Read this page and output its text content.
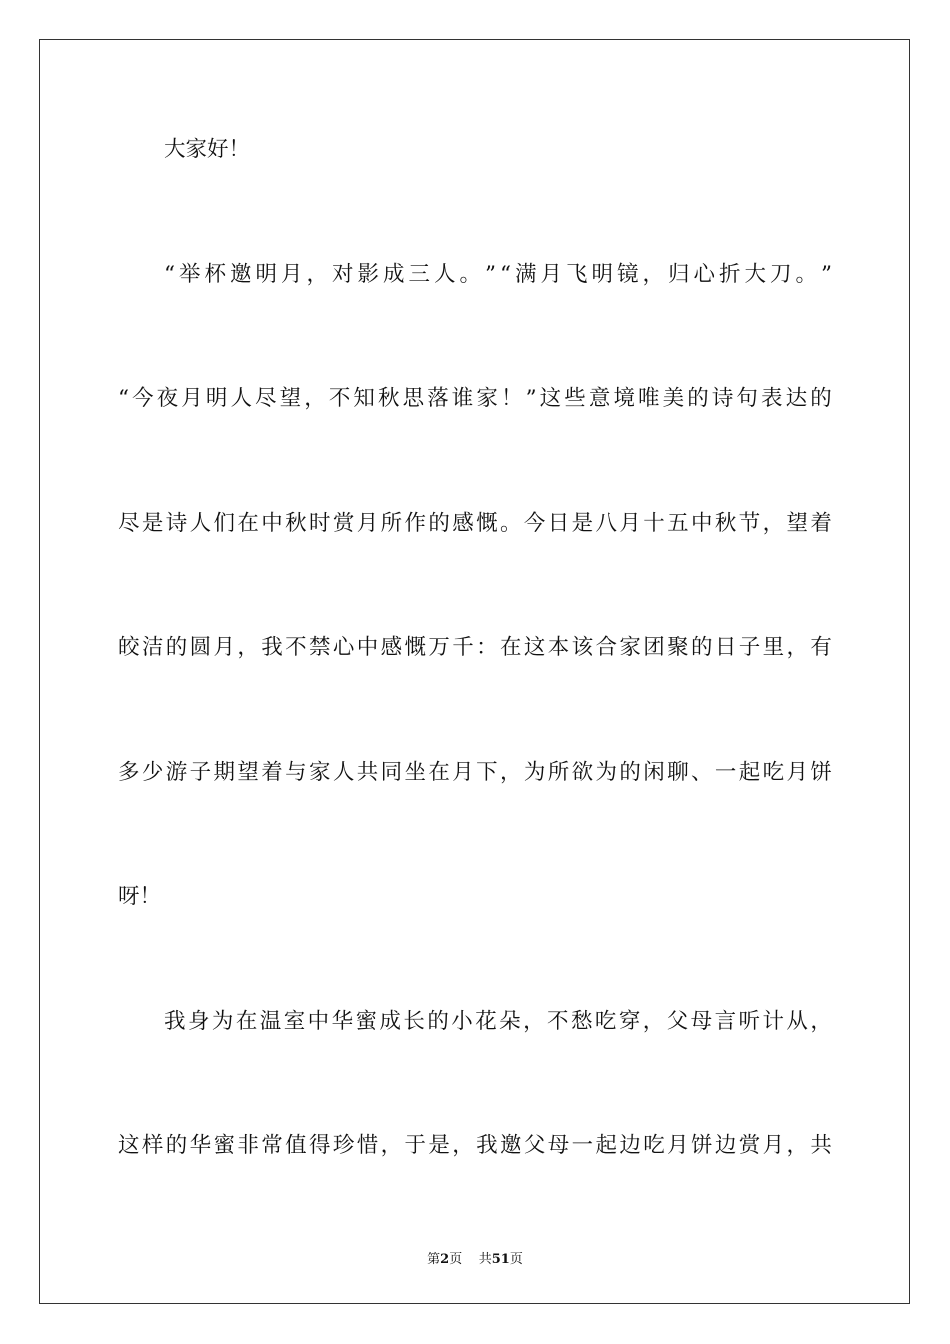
大家好！
“ 举 杯 邀 明 月 ， 对 影 成 三 人 。 ” “ 满 月 飞 明 镜 ， 归 心 折 大 刀 。 ”
“ 今 夜 月 明 人 尽 望 ， 不 知 秋 思 落 谁 家 ！ ” 这 些 意 境 唯 美 的 诗 句 表 达 的
尽 是 诗 人 们 在 中 秋 时 赏 月 所 作 的 感 慨 。 今 日 是 八 月 十 五 中 秋 节 ， 望 着
皎 洁 的 圆 月 ， 我 不 禁 心 中 感 慨 万 千 ： 在 这 本 该 合 家 团 聚 的 日 子 里 ， 有
多 少 游 子 期 望 着 与 家 人 共 同 坐 在 月 下 ， 为 所 欲 为 的 闲 聊 、 一 起 吃 月 饼
呀！
我 身 为 在 温 室 中 华 蜜 成 长 的 小 花 朵 ， 不 愁 吃 穿 ， 父 母 言 听 计 从 ，
这 样 的 华 蜜 非 常 值 得 珍 惜 ， 于 是 ， 我 邀 父 母 一 起 边 吃 月 饼 边 赏 月 ， 共
第2页 共51页
